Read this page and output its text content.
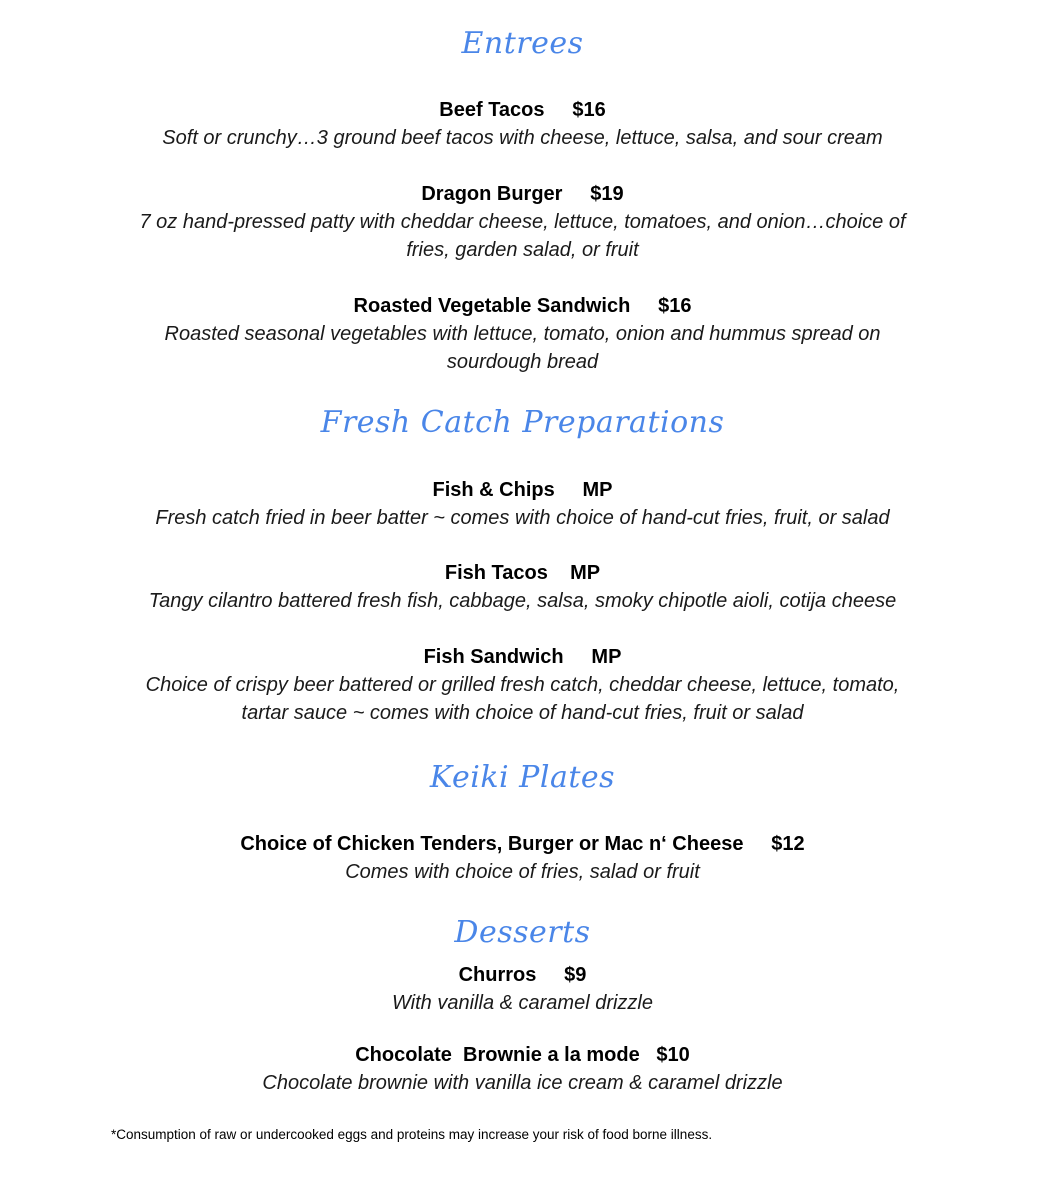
Entrees
Beef Tacos $16
Soft or crunchy…3 ground beef tacos with cheese, lettuce, salsa, and sour cream
Dragon Burger $19
7 oz hand-pressed patty with cheddar cheese, lettuce, tomatoes, and onion…choice of
fries, garden salad, or fruit
Roasted Vegetable Sandwich $16
Roasted seasonal vegetables with lettuce, tomato, onion and hummus spread on
sourdough bread
Fresh Catch Preparations
Fish & Chips MP
Fresh catch fried in beer batter ~ comes with choice of hand-cut fries, fruit, or salad
Fish Tacos MP
Tangy cilantro battered fresh fish, cabbage, salsa, smoky chipotle aioli, cotija cheese
Fish Sandwich MP
Choice of crispy beer battered or grilled fresh catch, cheddar cheese, lettuce, tomato,
tartar sauce ~ comes with choice of hand-cut fries, fruit or salad
Keiki Plates
Choice of Chicken Tenders, Burger or Mac n‘ Cheese $12
Comes with choice of fries, salad or fruit
Desserts
Churros $9
With vanilla & caramel drizzle
Chocolate  Brownie a la mode $10
Chocolate brownie with vanilla ice cream & caramel drizzle
*Consumption of raw or undercooked eggs and proteins may increase your risk of food borne illness.
